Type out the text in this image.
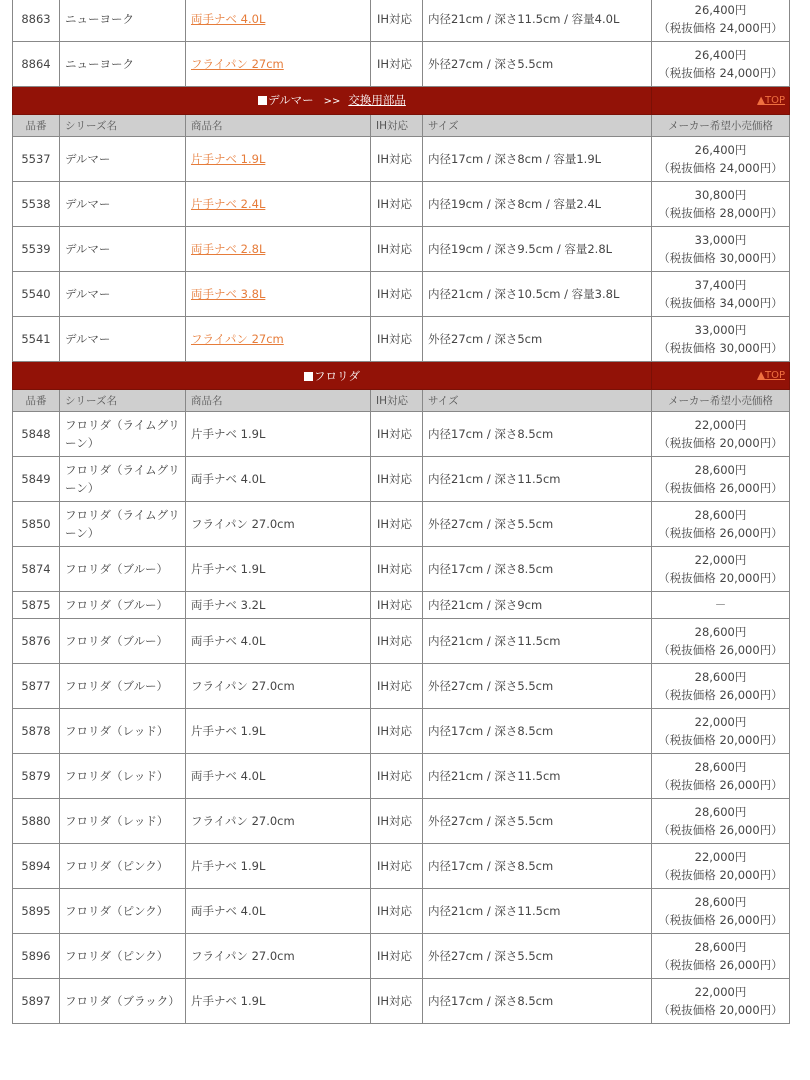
8863	ニューヨーク	両手ナベ 4.0L	IH対応	内径21cm / 深さ11.5cm / 容量4.0L	26,400円
（税抜価格 24,000円）

8864	ニューヨーク	フライパン 27cm	IH対応	外径27cm / 深さ5.5cm	26,400円
（税抜価格 24,000円）

デルマー >> 交換用部品					▲TOP
品番	シリーズ名	商品名	IH対応	サイズ	メーカー希望小売価格
5537	デルマー	片手ナベ 1.9L	IH対応	内径17cm / 深さ8cm / 容量1.9L	26,400円
（税抜価格 24,000円）

5538	デルマー	片手ナベ 2.4L	IH対応	内径19cm / 深さ8cm / 容量2.4L	30,800円
（税抜価格 28,000円）

5539	デルマー	両手ナベ 2.8L	IH対応	内径19cm / 深さ9.5cm / 容量2.8L	33,000円
（税抜価格 30,000円）

5540	デルマー	両手ナベ 3.8L	IH対応	内径21cm / 深さ10.5cm / 容量3.8L	37,400円
（税抜価格 34,000円）

5541	デルマー	フライパン 27cm	IH対応	外径27cm / 深さ5cm	33,000円
（税抜価格 30,000円）

フロリダ					▲TOP
品番	シリーズ名	商品名	IH対応	サイズ	メーカー希望小売価格
5848	フロリダ（ライムグリーン）	片手ナベ 1.9L	IH対応	内径17cm / 深さ8.5cm	22,000円
（税抜価格 20,000円）

5849	フロリダ（ライムグリーン）	両手ナベ 4.0L	IH対応	内径21cm / 深さ11.5cm	28,600円
（税抜価格 26,000円）

5850	フロリダ（ライムグリーン）	フライパン 27.0cm	IH対応	外径27cm / 深さ5.5cm	28,600円
（税抜価格 26,000円）

5874	フロリダ（ブルー）	片手ナベ 1.9L	IH対応	内径17cm / 深さ8.5cm	22,000円
（税抜価格 20,000円）

5875	フロリダ（ブルー）	両手ナベ 3.2L	IH対応	内径21cm / 深さ9cm	－

5876	フロリダ（ブルー）	両手ナベ 4.0L	IH対応	内径21cm / 深さ11.5cm	28,600円
（税抜価格 26,000円）

5877	フロリダ（ブルー）	フライパン 27.0cm	IH対応	外径27cm / 深さ5.5cm	28,600円
（税抜価格 26,000円）

5878	フロリダ（レッド）	片手ナベ 1.9L	IH対応	内径17cm / 深さ8.5cm	22,000円
（税抜価格 20,000円）

5879	フロリダ（レッド）	両手ナベ 4.0L	IH対応	内径21cm / 深さ11.5cm	28,600円
（税抜価格 26,000円）

5880	フロリダ（レッド）	フライパン 27.0cm	IH対応	外径27cm / 深さ5.5cm	28,600円
（税抜価格 26,000円）

5894	フロリダ（ピンク）	片手ナベ 1.9L	IH対応	内径17cm / 深さ8.5cm	22,000円
（税抜価格 20,000円）

5895	フロリダ（ピンク）	両手ナベ 4.0L	IH対応	内径21cm / 深さ11.5cm	28,600円
（税抜価格 26,000円）

5896	フロリダ（ピンク）	フライパン 27.0cm	IH対応	外径27cm / 深さ5.5cm	28,600円
（税抜価格 26,000円）

5897	フロリダ（ブラック）	片手ナベ 1.9L	IH対応	内径17cm / 深さ8.5cm	22,000円
（税抜価格 20,000円）
